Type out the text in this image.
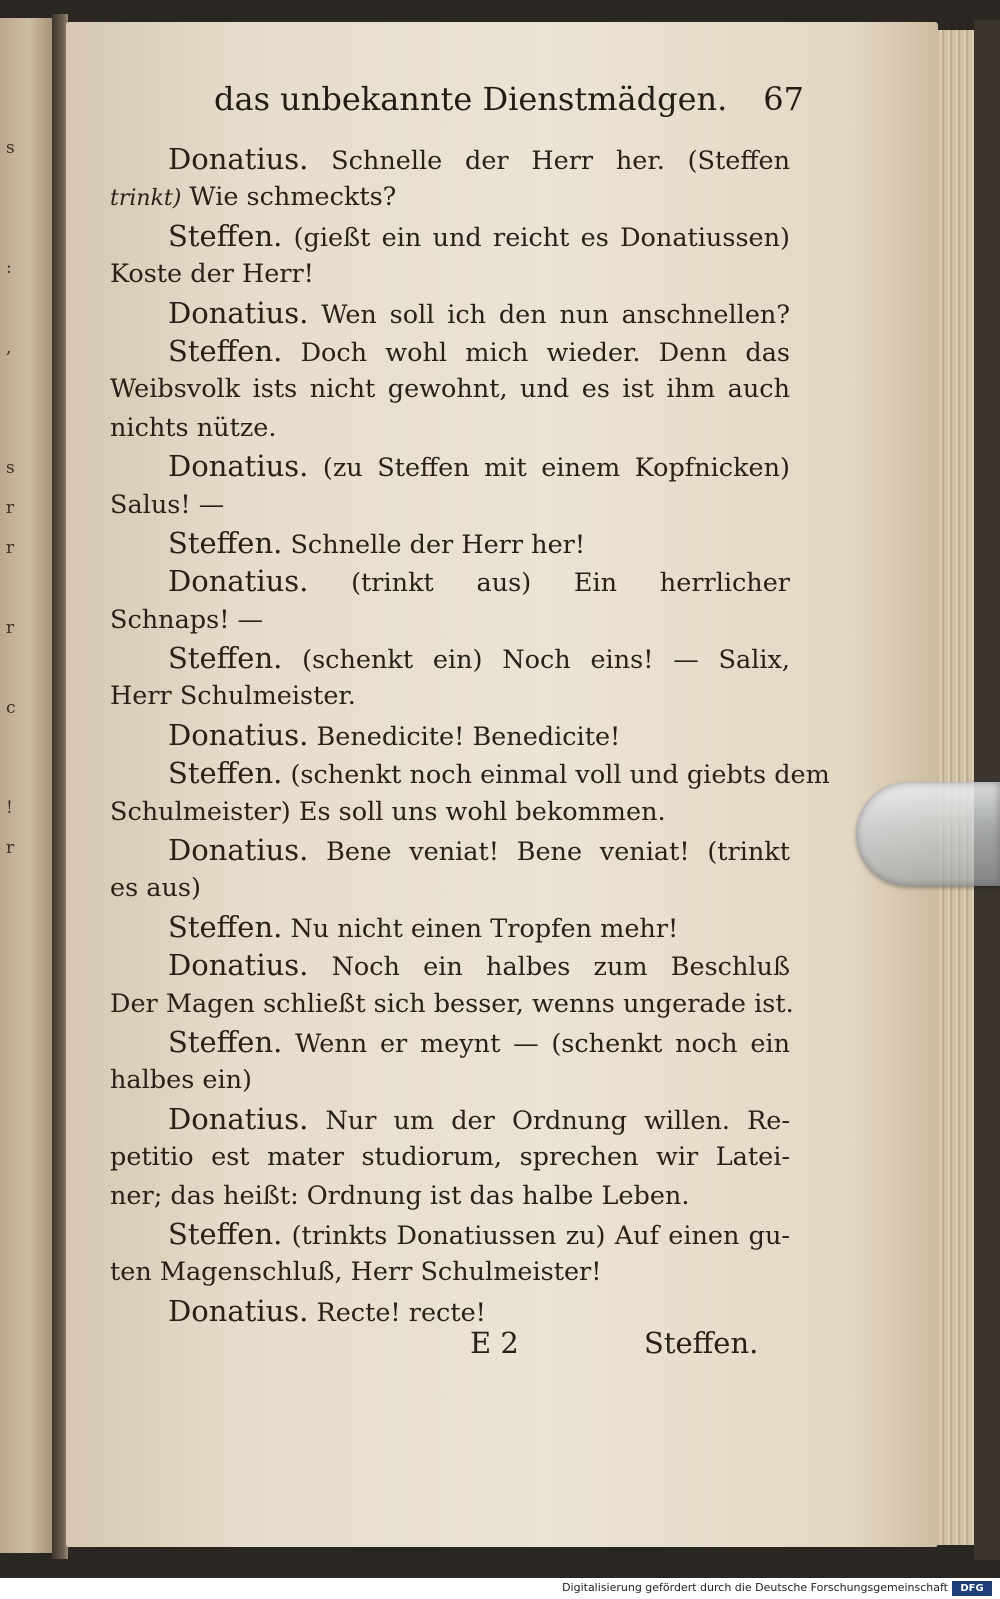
s
:
,
s
r
r
r
c
!
r
das unbekannte Dienstmädgen. 67
Donatius. Schnelle der Herr her. (Steffen
trinkt) Wie schmeckts?
Steffen. (gießt ein und reicht es Donatiussen)
Koste der Herr!
Donatius. Wen soll ich den nun anschnellen?
Steffen. Doch wohl mich wieder. Denn das
Weibsvolk ists nicht gewohnt, und es ist ihm auch
nichts nütze.
Donatius. (zu Steffen mit einem Kopfnicken)
Salus! —
Steffen. Schnelle der Herr her!
Donatius. (trinkt aus) Ein herrlicher
Schnaps! —
Steffen. (schenkt ein) Noch eins! — Salix,
Herr Schulmeister.
Donatius. Benedicite! Benedicite!
Steffen. (schenkt noch einmal voll und giebts dem
Schulmeister) Es soll uns wohl bekommen.
Donatius. Bene veniat! Bene veniat! (trinkt
es aus)
Steffen. Nu nicht einen Tropfen mehr!
Donatius. Noch ein halbes zum Beschluß
Der Magen schließt sich besser, wenns ungerade ist.
Steffen. Wenn er meynt — (schenkt noch ein
halbes ein)
Donatius. Nur um der Ordnung willen. Re-
petitio est mater studiorum, sprechen wir Latei-
ner; das heißt: Ordnung ist das halbe Leben.
Steffen. (trinkts Donatiussen zu) Auf einen gu-
ten Magenschluß, Herr Schulmeister!
Donatius. Recte! recte!
E 2	Steffen.
Digitalisierung gefördert durch die Deutsche Forschungsgemeinschaft	DFG
